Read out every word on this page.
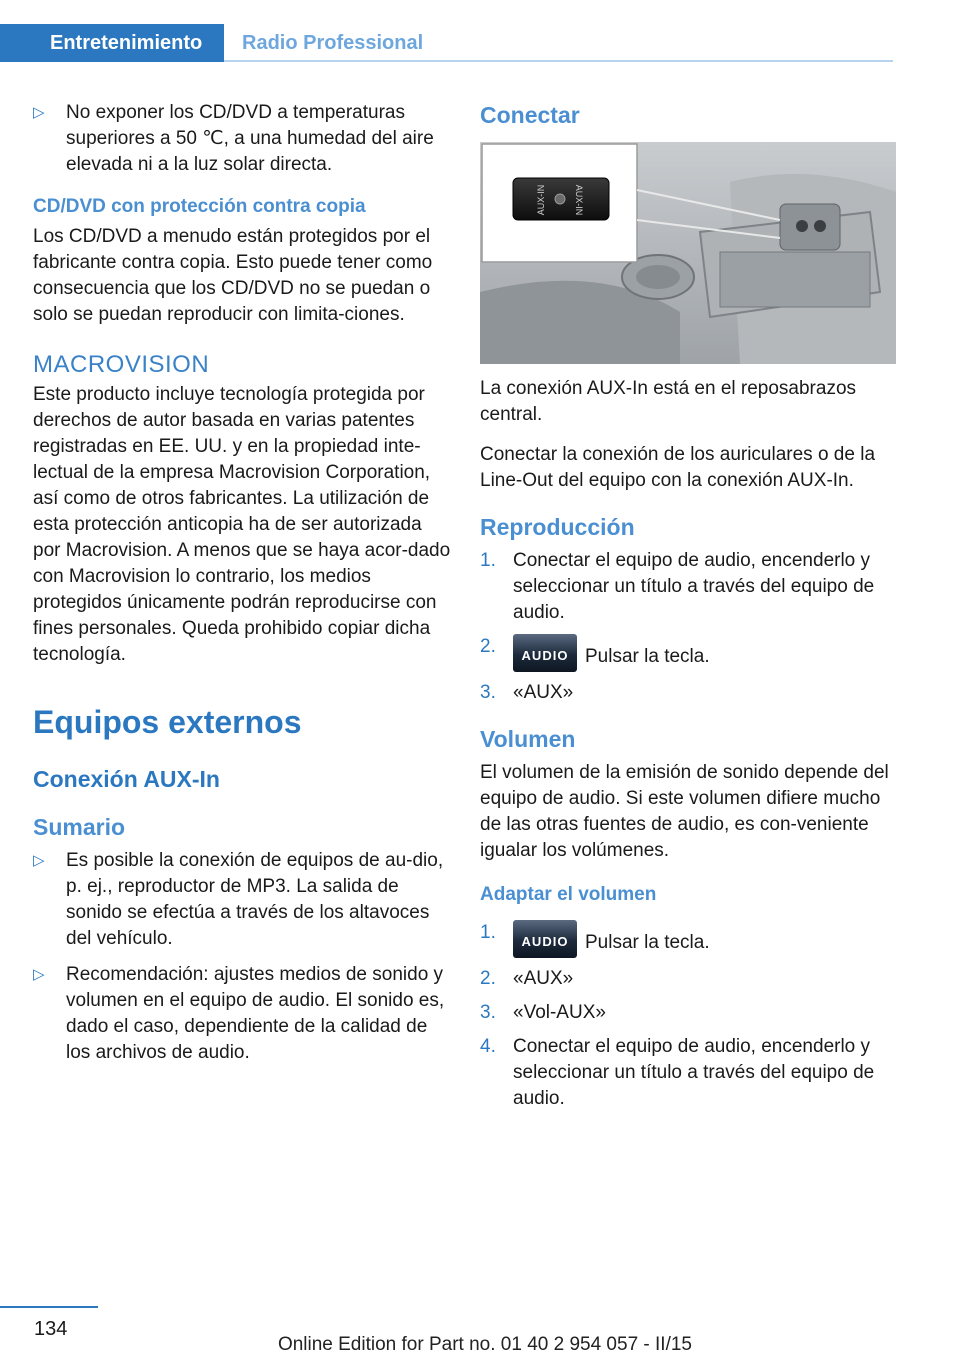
Entretenimiento Radio Professional
▷ No exponer los CD/DVD a temperaturas superiores a 50 ℃, a una humedad del aire elevada ni a la luz solar directa.

CD/DVD con protección contra copia

Los CD/DVD a menudo están protegidos por el fabricante contra copia. Esto puede tener como consecuencia que los CD/DVD no se puedan o solo se puedan reproducir con limita‐ciones.

MACROVISION

Este producto incluye tecnología protegida por derechos de autor basada en varias patentes registradas en EE. UU. y en la propiedad inte‐lectual de la empresa Macrovision Corporation, así como de otros fabricantes. La utilización de esta protección anticopia ha de ser autorizada por Macrovision. A menos que se haya acor‐dado con Macrovision lo contrario, los medios protegidos únicamente podrán reproducirse con fines personales. Queda prohibido copiar dicha tecnología.

Equipos externos
Conexión AUX-In
Sumario
▷ Es posible la conexión de equipos de au‐dio, p. ej., reproductor de MP3. La salida de sonido se efectúa a través de los altavoces del vehículo.

▷ Recomendación: ajustes medios de sonido y volumen en el equipo de audio. El sonido es, dado el caso, dependiente de la calidad de los archivos de audio.

Conectar
AUX-IN	AUX-IN

La conexión AUX-In está en el reposabrazos central.

Conectar la conexión de los auriculares o de la Line-Out del equipo con la conexión AUX-In.

Reproducción
1. Conectar el equipo de audio, encenderlo y seleccionar un título a través del equipo de audio.

2.	AUDIO Pulsar la tecla.

3. «AUX»

Volumen

El volumen de la emisión de sonido depende del equipo de audio. Si este volumen difiere mucho de las otras fuentes de audio, es con‐veniente igualar los volúmenes.

Adaptar el volumen
1.	AUDIO Pulsar la tecla.

2. «AUX»

3. «Vol-AUX»

4. Conectar el equipo de audio, encenderlo y seleccionar un título a través del equipo de audio.

134
Online Edition for Part no. 01 40 2 954 057 - II/15
